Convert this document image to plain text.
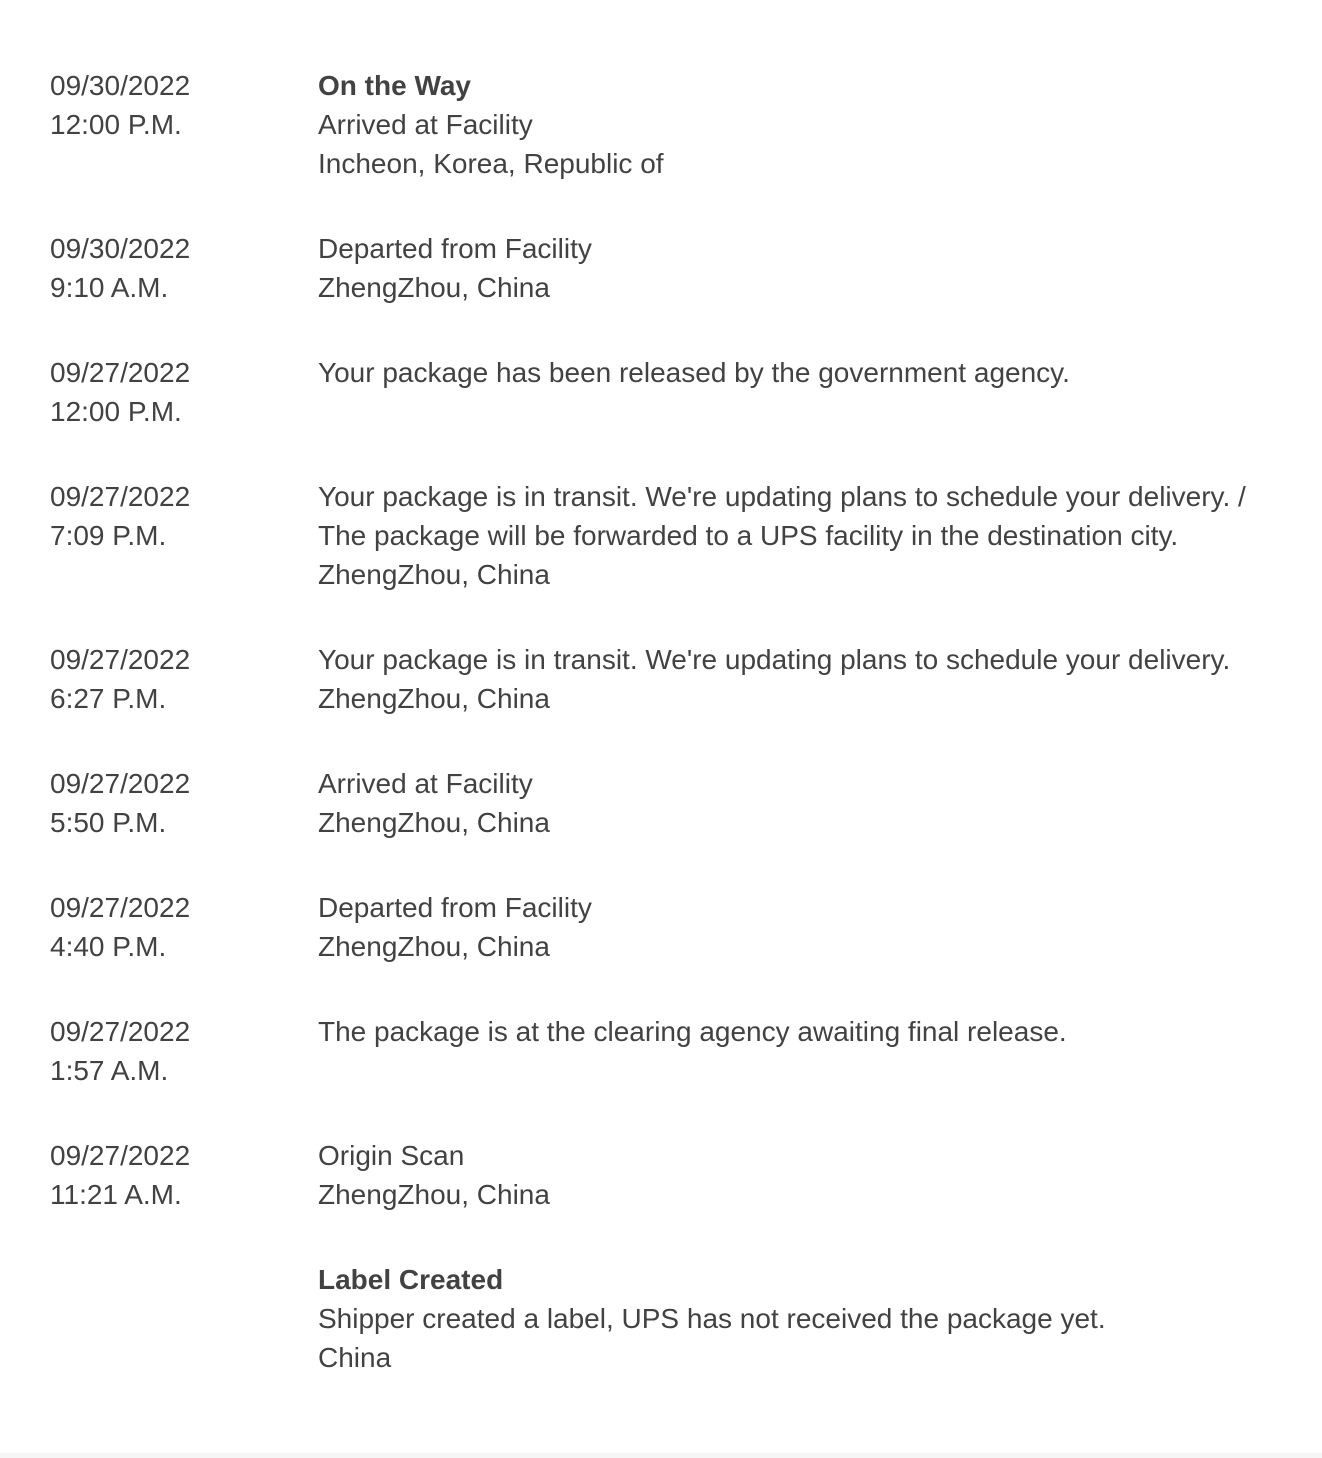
09/30/2022
12:00 P.M.
On the Way
Arrived at Facility
Incheon, Korea, Republic of
09/30/2022
9:10 A.M.
Departed from Facility
ZhengZhou, China
09/27/2022
12:00 P.M.
Your package has been released by the government agency.
09/27/2022
7:09 P.M.
Your package is in transit. We're updating plans to schedule your delivery. /
The package will be forwarded to a UPS facility in the destination city.
ZhengZhou, China
09/27/2022
6:27 P.M.
Your package is in transit. We're updating plans to schedule your delivery.
ZhengZhou, China
09/27/2022
5:50 P.M.
Arrived at Facility
ZhengZhou, China
09/27/2022
4:40 P.M.
Departed from Facility
ZhengZhou, China
09/27/2022
1:57 A.M.
The package is at the clearing agency awaiting final release.
09/27/2022
11:21 A.M.
Origin Scan
ZhengZhou, China
Label Created
Shipper created a label, UPS has not received the package yet.
China
